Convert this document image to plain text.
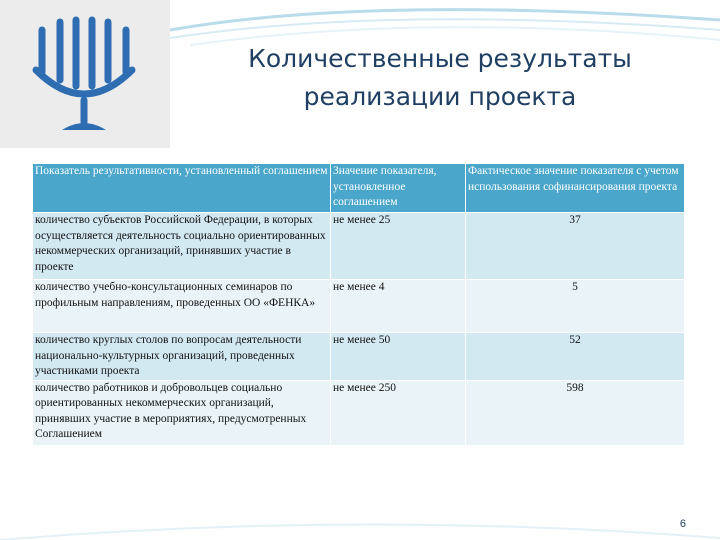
Количественные результаты реализации проекта
Показатель результативности, установленный соглашением	Значение показателя, установленное соглашением	Фактическое значение показателя с учетом использования софинансирования проекта
количество субъектов Российской Федерации, в которых осуществляется деятельность социально ориентированных некоммерческих организаций, принявших участие в проекте	не менее 25	37
количество учебно-консультационных семинаров по профильным направлениям, проведенных ОО «ФЕНКА»	не менее 4	5
количество круглых столов по вопросам деятельности национально-культурных организаций, проведенных участниками проекта	не менее 50	52
количество работников и добровольцев социально ориентированных некоммерческих организаций, принявших участие в мероприятиях, предусмотренных Соглашением	не менее 250	598
6
